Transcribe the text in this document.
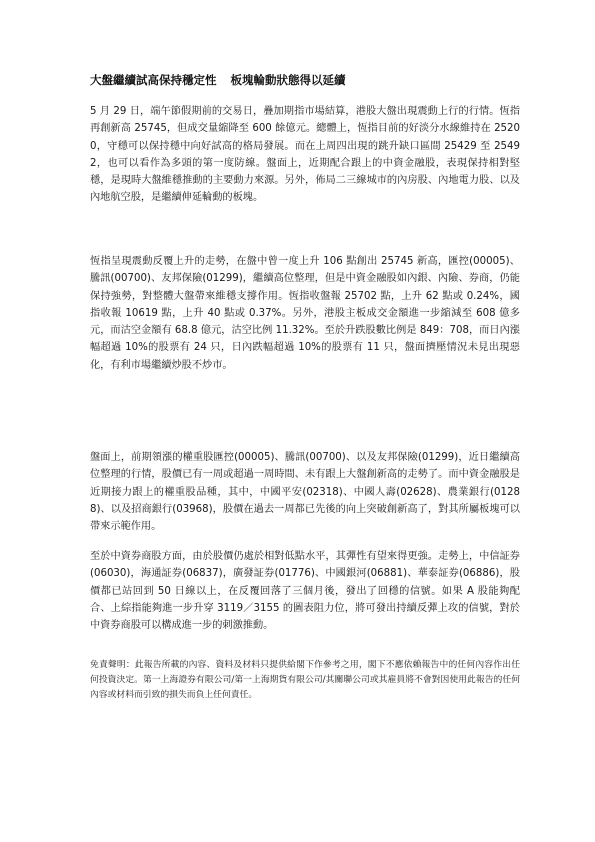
大盤繼續試高保持穩定性 板塊輪動狀態得以延續

5 月 29 日，端午節假期前的交易日，疊加期指市場結算，港股大盤出現震動上行的行情。恆指再創新高 25745，但成交量縮降至 600 餘億元。總體上，恆指目前的好淡分水線維持在 25200，守穩可以保持穩中向好試高的格局發展。而在上周四出現的跳升缺口區間 25429 至 25492，也可以看作為多頭的第一度防線。盤面上，近期配合跟上的中資金融股，表現保持相對堅穩，是現時大盤維穩推動的主要動力來源。另外，佈局二三線城市的內房股、內地電力股、以及內地航空股，是繼續伸延輪動的板塊。

恆指呈現震動反覆上升的走勢，在盤中曾一度上升 106 點創出 25745 新高，匯控(00005)、騰訊(00700)、友邦保險(01299)，繼續高位整理，但是中資金融股如內銀、內險、券商，仍能保持強勢，對整體大盤帶來維穩支撐作用。恆指收盤報 25702 點，上升 62 點或 0.24%，國指收報 10619 點，上升 40 點或 0.37%。另外，港股主板成交金額進一步縮減至 608 億多元，而沽空金額有 68.8 億元，沽空比例 11.32%。至於升跌股數比例是 849：708，而日內漲幅超過 10%的股票有 24 只，日內跌幅超過 10%的股票有 11 只，盤面擠壓情況未見出現惡化，有利市場繼續炒股不炒市。

盤面上，前期領漲的權重股匯控(00005)、騰訊(00700)、以及友邦保險(01299)，近日繼續高位整理的行情，股價已有一周或超過一周時間、未有跟上大盤創新高的走勢了。而中資金融股是近期接力跟上的權重股品種，其中，中國平安(02318)、中國人壽(02628)、農業銀行(01288)、以及招商銀行(03968)，股價在過去一周都已先後的向上突破創新高了，對其所屬板塊可以帶來示範作用。

至於中資券商股方面，由於股價仍處於相對低點水平，其彈性有望來得更強。走勢上，中信証券(06030)，海通証券(06837)，廣發証券(01776)、中國銀河(06881)、華泰証券(06886)，股價都已站回到 50 日線以上，在反覆回落了三個月後，發出了回穩的信號。如果 A 股能夠配合、上綜指能夠進一步升穿 3119／3155 的圖表阻力位，將可發出持續反彈上攻的信號，對於中資券商股可以構成進一步的刺激推動。

免責聲明：此報告所載的內容、資料及材料只提供給閣下作參考之用，閣下不應依賴報告中的任何內容作出任何投資決定。第一上海證券有限公司/第一上海期貨有限公司/其關聯公司或其雇員將不會對因使用此報告的任何內容或材料而引致的損失而負上任何責任。
